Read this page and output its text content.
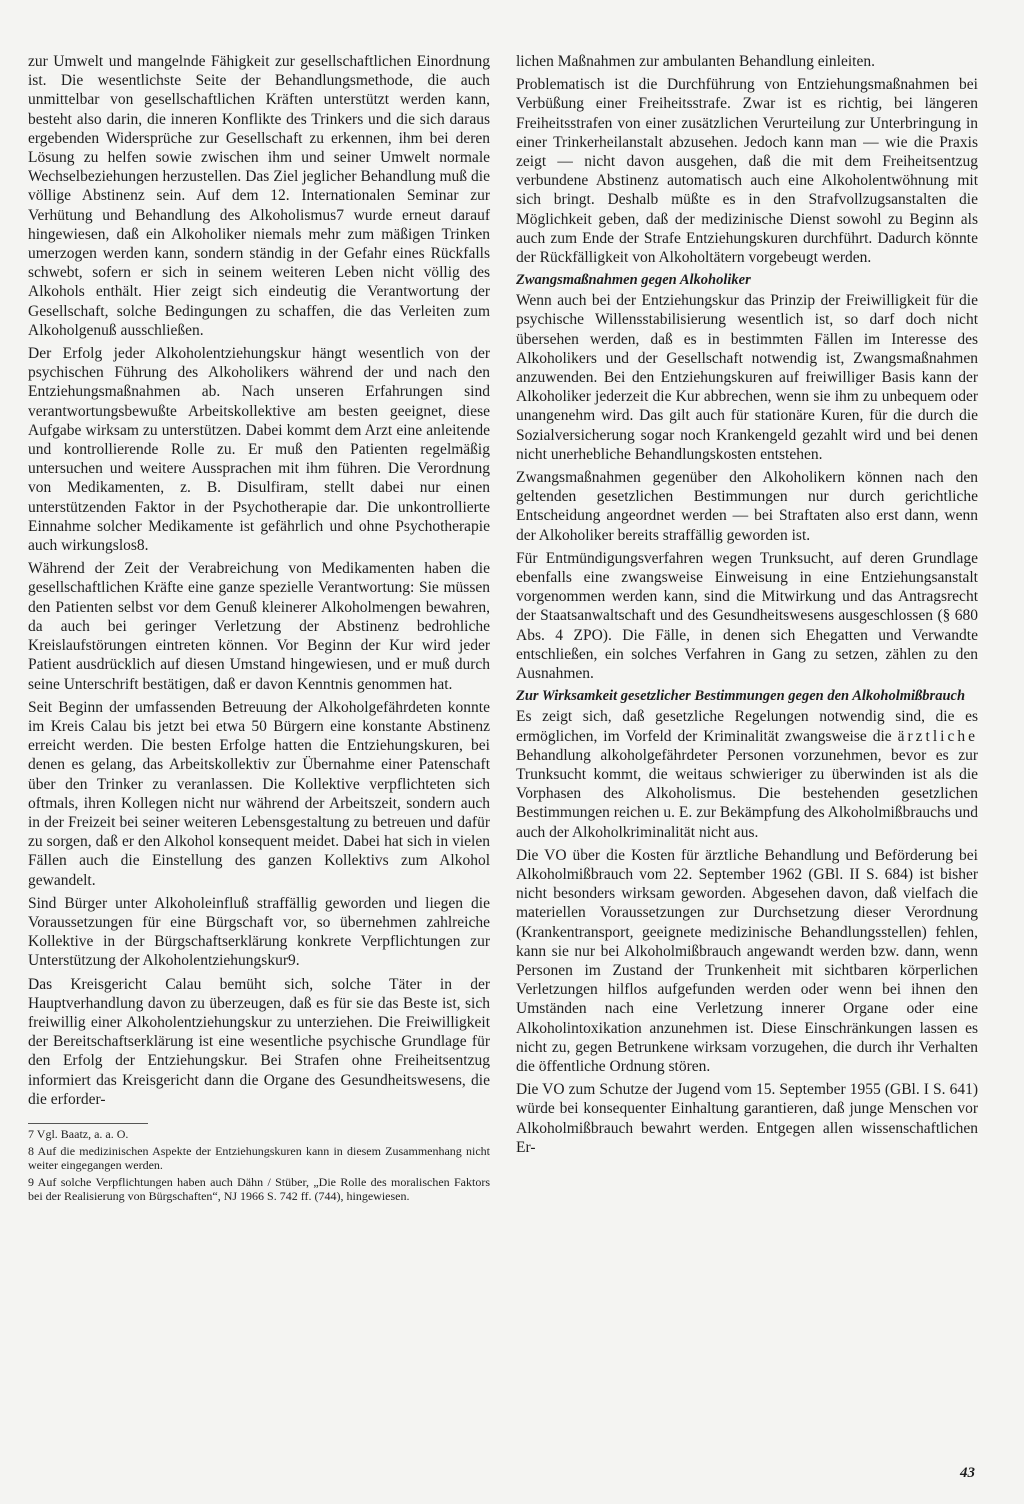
zur Umwelt und mangelnde Fähigkeit zur gesellschaftlichen Einordnung ist. Die wesentlichste Seite der Behandlungsmethode, die auch unmittelbar von gesellschaftlichen Kräften unterstützt werden kann, besteht also darin, die inneren Konflikte des Trinkers und die sich daraus ergebenden Widersprüche zur Gesellschaft zu erkennen, ihm bei deren Lösung zu helfen sowie zwischen ihm und seiner Umwelt normale Wechselbeziehungen herzustellen. Das Ziel jeglicher Behandlung muß die völlige Abstinenz sein. Auf dem 12. Internationalen Seminar zur Verhütung und Behandlung des Alkoholismus7 wurde erneut darauf hingewiesen, daß ein Alkoholiker niemals mehr zum mäßigen Trinken umerzogen werden kann, sondern ständig in der Gefahr eines Rückfalls schwebt, sofern er sich in seinem weiteren Leben nicht völlig des Alkohols enthält. Hier zeigt sich eindeutig die Verantwortung der Gesellschaft, solche Bedingungen zu schaffen, die das Verleiten zum Alkoholgenuß ausschließen.

Der Erfolg jeder Alkoholentziehungskur hängt wesentlich von der psychischen Führung des Alkoholikers während der und nach den Entziehungsmaßnahmen ab. Nach unseren Erfahrungen sind verantwortungsbewußte Arbeitskollektive am besten geeignet, diese Aufgabe wirksam zu unterstützen. Dabei kommt dem Arzt eine anleitende und kontrollierende Rolle zu. Er muß den Patienten regelmäßig untersuchen und weitere Aussprachen mit ihm führen. Die Verordnung von Medikamenten, z. B. Disulfiram, stellt dabei nur einen unterstützenden Faktor in der Psychotherapie dar. Die unkontrollierte Einnahme solcher Medikamente ist gefährlich und ohne Psychotherapie auch wirkungslos8.

Während der Zeit der Verabreichung von Medikamenten haben die gesellschaftlichen Kräfte eine ganze spezielle Verantwortung: Sie müssen den Patienten selbst vor dem Genuß kleinerer Alkoholmengen bewahren, da auch bei geringer Verletzung der Abstinenz bedrohliche Kreislaufstörungen eintreten können. Vor Beginn der Kur wird jeder Patient ausdrücklich auf diesen Umstand hingewiesen, und er muß durch seine Unterschrift bestätigen, daß er davon Kenntnis genommen hat.

Seit Beginn der umfassenden Betreuung der Alkoholgefährdeten konnte im Kreis Calau bis jetzt bei etwa 50 Bürgern eine konstante Abstinenz erreicht werden. Die besten Erfolge hatten die Entziehungskuren, bei denen es gelang, das Arbeitskollektiv zur Übernahme einer Patenschaft über den Trinker zu veranlassen. Die Kollektive verpflichteten sich oftmals, ihren Kollegen nicht nur während der Arbeitszeit, sondern auch in der Freizeit bei seiner weiteren Lebensgestaltung zu betreuen und dafür zu sorgen, daß er den Alkohol konsequent meidet. Dabei hat sich in vielen Fällen auch die Einstellung des ganzen Kollektivs zum Alkohol gewandelt.

Sind Bürger unter Alkoholeinfluß straffällig geworden und liegen die Voraussetzungen für eine Bürgschaft vor, so übernehmen zahlreiche Kollektive in der Bürgschaftserklärung konkrete Verpflichtungen zur Unterstützung der Alkoholentziehungskur9.

Das Kreisgericht Calau bemüht sich, solche Täter in der Hauptverhandlung davon zu überzeugen, daß es für sie das Beste ist, sich freiwillig einer Alkoholentziehungskur zu unterziehen. Die Freiwilligkeit der Bereitschaftserklärung ist eine wesentliche psychische Grundlage für den Erfolg der Entziehungskur. Bei Strafen ohne Freiheitsentzug informiert das Kreisgericht dann die Organe des Gesundheitswesens, die die erforder-

7 Vgl. Baatz, a. a. O.

8 Auf die medizinischen Aspekte der Entziehungskuren kann in diesem Zusammenhang nicht weiter eingegangen werden.

9 Auf solche Verpflichtungen haben auch Dähn / Stüber, „Die Rolle des moralischen Faktors bei der Realisierung von Bürgschaften“, NJ 1966 S. 742 ff. (744), hingewiesen.

lichen Maßnahmen zur ambulanten Behandlung einleiten.

Problematisch ist die Durchführung von Entziehungsmaßnahmen bei Verbüßung einer Freiheitsstrafe. Zwar ist es richtig, bei längeren Freiheitsstrafen von einer zusätzlichen Verurteilung zur Unterbringung in einer Trinkerheilanstalt abzusehen. Jedoch kann man — wie die Praxis zeigt — nicht davon ausgehen, daß die mit dem Freiheitsentzug verbundene Abstinenz automatisch auch eine Alkoholentwöhnung mit sich bringt. Deshalb müßte es in den Strafvollzugsanstalten die Möglichkeit geben, daß der medizinische Dienst sowohl zu Beginn als auch zum Ende der Strafe Entziehungskuren durchführt. Dadurch könnte der Rückfälligkeit von Alkoholtätern vorgebeugt werden.

Zwangsmaßnahmen gegen Alkoholiker

Wenn auch bei der Entziehungskur das Prinzip der Freiwilligkeit für die psychische Willensstabilisierung wesentlich ist, so darf doch nicht übersehen werden, daß es in bestimmten Fällen im Interesse des Alkoholikers und der Gesellschaft notwendig ist, Zwangsmaßnahmen anzuwenden. Bei den Entziehungskuren auf freiwilliger Basis kann der Alkoholiker jederzeit die Kur abbrechen, wenn sie ihm zu unbequem oder unangenehm wird. Das gilt auch für stationäre Kuren, für die durch die Sozialversicherung sogar noch Krankengeld gezahlt wird und bei denen nicht unerhebliche Behandlungskosten entstehen.

Zwangsmaßnahmen gegenüber den Alkoholikern können nach den geltenden gesetzlichen Bestimmungen nur durch gerichtliche Entscheidung angeordnet werden — bei Straftaten also erst dann, wenn der Alkoholiker bereits straffällig geworden ist.

Für Entmündigungsverfahren wegen Trunksucht, auf deren Grundlage ebenfalls eine zwangsweise Einweisung in eine Entziehungsanstalt vorgenommen werden kann, sind die Mitwirkung und das Antragsrecht der Staatsanwaltschaft und des Gesundheitswesens ausgeschlossen (§ 680 Abs. 4 ZPO). Die Fälle, in denen sich Ehegatten und Verwandte entschließen, ein solches Verfahren in Gang zu setzen, zählen zu den Ausnahmen.

Zur Wirksamkeit gesetzlicher Bestimmungen gegen den Alkoholmißbrauch

Es zeigt sich, daß gesetzliche Regelungen notwendig sind, die es ermöglichen, im Vorfeld der Kriminalität zwangsweise die ärztliche Behandlung alkoholgefährdeter Personen vorzunehmen, bevor es zur Trunksucht kommt, die weitaus schwieriger zu überwinden ist als die Vorphasen des Alkoholismus. Die bestehenden gesetzlichen Bestimmungen reichen u. E. zur Bekämpfung des Alkoholmißbrauchs und auch der Alkoholkriminalität nicht aus.

Die VO über die Kosten für ärztliche Behandlung und Beförderung bei Alkoholmißbrauch vom 22. September 1962 (GBl. II S. 684) ist bisher nicht besonders wirksam geworden. Abgesehen davon, daß vielfach die materiellen Voraussetzungen zur Durchsetzung dieser Verordnung (Krankentransport, geeignete medizinische Behandlungsstellen) fehlen, kann sie nur bei Alkoholmißbrauch angewandt werden bzw. dann, wenn Personen im Zustand der Trunkenheit mit sichtbaren körperlichen Verletzungen hilflos aufgefunden werden oder wenn bei ihnen den Umständen nach eine Verletzung innerer Organe oder eine Alkoholintoxikation anzunehmen ist. Diese Einschränkungen lassen es nicht zu, gegen Betrunkene wirksam vorzugehen, die durch ihr Verhalten die öffentliche Ordnung stören.

Die VO zum Schutze der Jugend vom 15. September 1955 (GBl. I S. 641) würde bei konsequenter Einhaltung garantieren, daß junge Menschen vor Alkoholmißbrauch bewahrt werden. Entgegen allen wissenschaftlichen Er-

43
